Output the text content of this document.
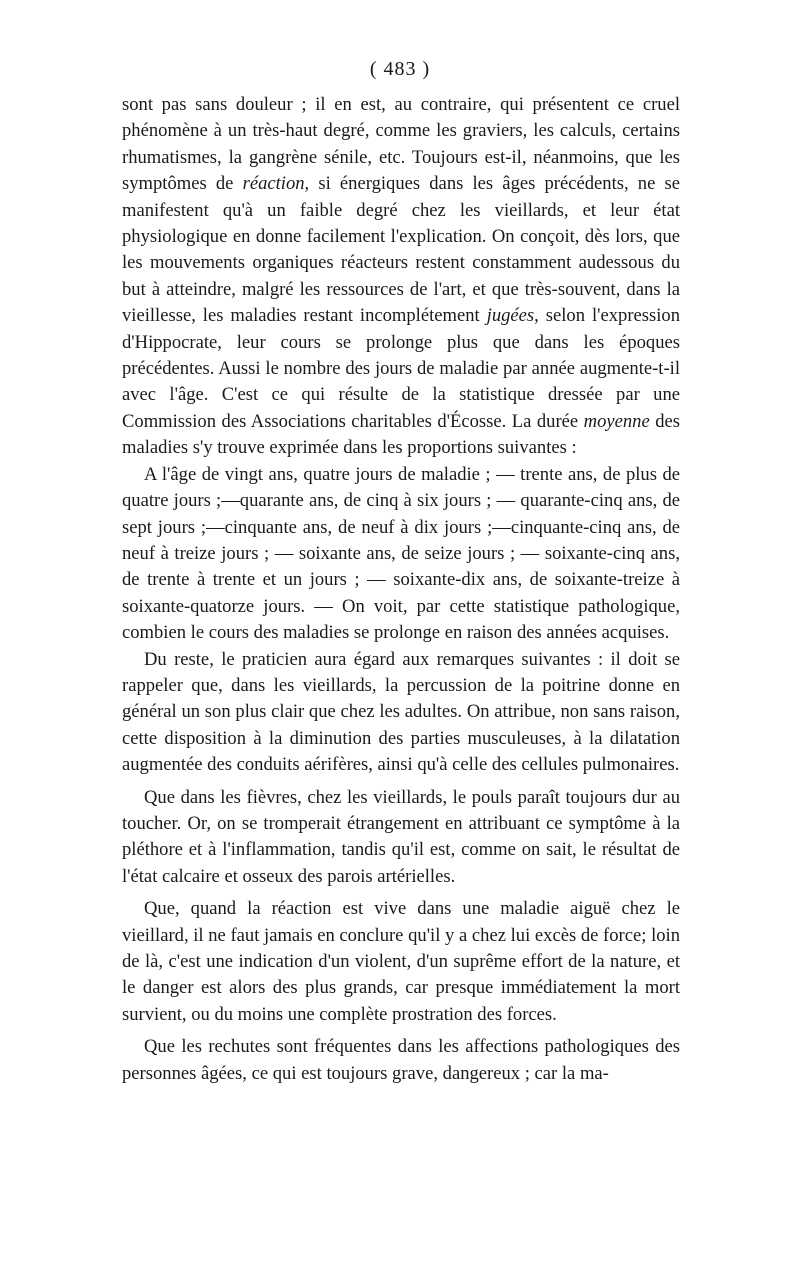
( 483 )

sont pas sans douleur ; il en est, au contraire, qui présentent ce cruel phénomène à un très-haut degré, comme les graviers, les calculs, certains rhumatismes, la gangrène sénile, etc. Toujours est-il, néanmoins, que les symptômes de réaction, si énergiques dans les âges précédents, ne se manifestent qu'à un faible degré chez les vieillards, et leur état physiologique en donne facilement l'explication. On conçoit, dès lors, que les mouvements organiques réacteurs restent constamment audessous du but à atteindre, malgré les ressources de l'art, et que très-souvent, dans la vieillesse, les maladies restant incomplétement jugées, selon l'expression d'Hippocrate, leur cours se prolonge plus que dans les époques précédentes. Aussi le nombre des jours de maladie par année augmente-t-il avec l'âge. C'est ce qui résulte de la statistique dressée par une Commission des Associations charitables d'Écosse. La durée moyenne des maladies s'y trouve exprimée dans les proportions suivantes :

A l'âge de vingt ans, quatre jours de maladie ; — trente ans, de plus de quatre jours ;—quarante ans, de cinq à six jours ; — quarante-cinq ans, de sept jours ;—cinquante ans, de neuf à dix jours ;—cinquante-cinq ans, de neuf à treize jours ; — soixante ans, de seize jours ; — soixante-cinq ans, de trente à trente et un jours ; — soixante-dix ans, de soixante-treize à soixante-quatorze jours. — On voit, par cette statistique pathologique, combien le cours des maladies se prolonge en raison des années acquises.

Du reste, le praticien aura égard aux remarques suivantes : il doit se rappeler que, dans les vieillards, la percussion de la poitrine donne en général un son plus clair que chez les adultes. On attribue, non sans raison, cette disposition à la diminution des parties musculeuses, à la dilatation augmentée des conduits aérifères, ainsi qu'à celle des cellules pulmonaires.

Que dans les fièvres, chez les vieillards, le pouls paraît toujours dur au toucher. Or, on se tromperait étrangement en attribuant ce symptôme à la pléthore et à l'inflammation, tandis qu'il est, comme on sait, le résultat de l'état calcaire et osseux des parois artérielles.

Que, quand la réaction est vive dans une maladie aiguë chez le vieillard, il ne faut jamais en conclure qu'il y a chez lui excès de force; loin de là, c'est une indication d'un violent, d'un suprême effort de la nature, et le danger est alors des plus grands, car presque immédiatement la mort survient, ou du moins une complète prostration des forces.

Que les rechutes sont fréquentes dans les affections pathologiques des personnes âgées, ce qui est toujours grave, dangereux ; car la ma-
